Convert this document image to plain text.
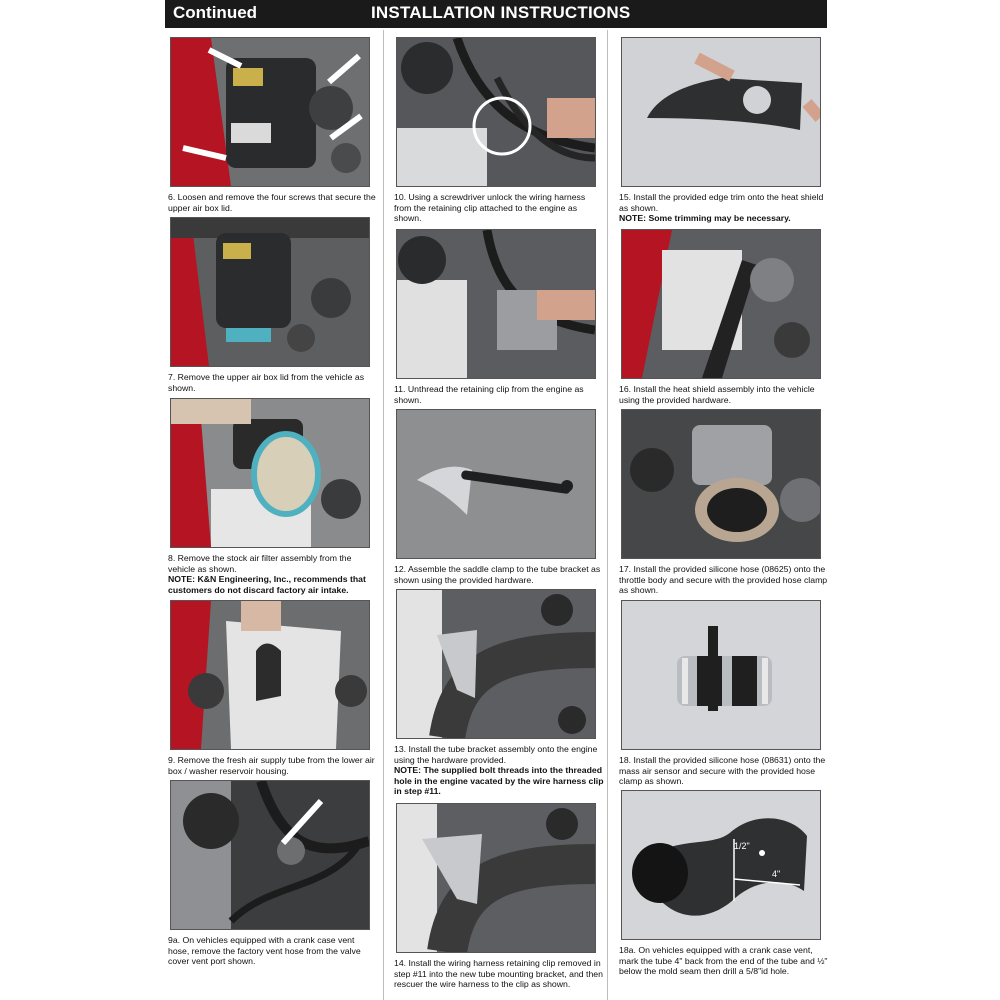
Continued	INSTALLATION INSTRUCTIONS
6. Loosen and remove the four screws that secure the upper air box lid.
7. Remove the upper air box lid from the vehicle as shown.
8. Remove the stock air filter assembly from the vehicle as shown.
NOTE: K&N Engineering, Inc., recommends that customers do not discard factory air intake.
9. Remove the fresh air supply tube from the lower air box / washer reservoir housing.
9a. On vehicles equipped with a crank case vent hose, remove the factory vent hose from the valve cover vent port shown.
10. Using a screwdriver unlock the wiring harness from the retaining clip attached to the engine as shown.
11. Unthread the retaining clip from the engine as shown.
12. Assemble the saddle clamp to the tube bracket as shown using the provided hardware.
13. Install the tube bracket assembly onto the engine using the hardware provided.
NOTE: The supplied bolt threads into the threaded hole in the engine vacated by the wire harness clip in step #11.
14. Install the wiring harness retaining clip removed in step #11 into the new tube mounting bracket, and then rescuer the wire harness to the clip as shown.
15. Install the provided edge trim onto the heat shield as shown.
NOTE: Some trimming may be necessary.
16. Install the heat shield assembly into the vehicle using the provided hardware.
17. Install the provided silicone hose (08625) onto the throttle body and secure with the provided hose clamp as shown.
18. Install the provided silicone hose (08631) onto the mass air sensor and secure with the provided hose clamp as shown.
1/2"
4"
18a. On vehicles equipped with a crank case vent, mark the tube 4" back from the end of the tube and ½" below the mold seam then drill a 5/8"id hole.
